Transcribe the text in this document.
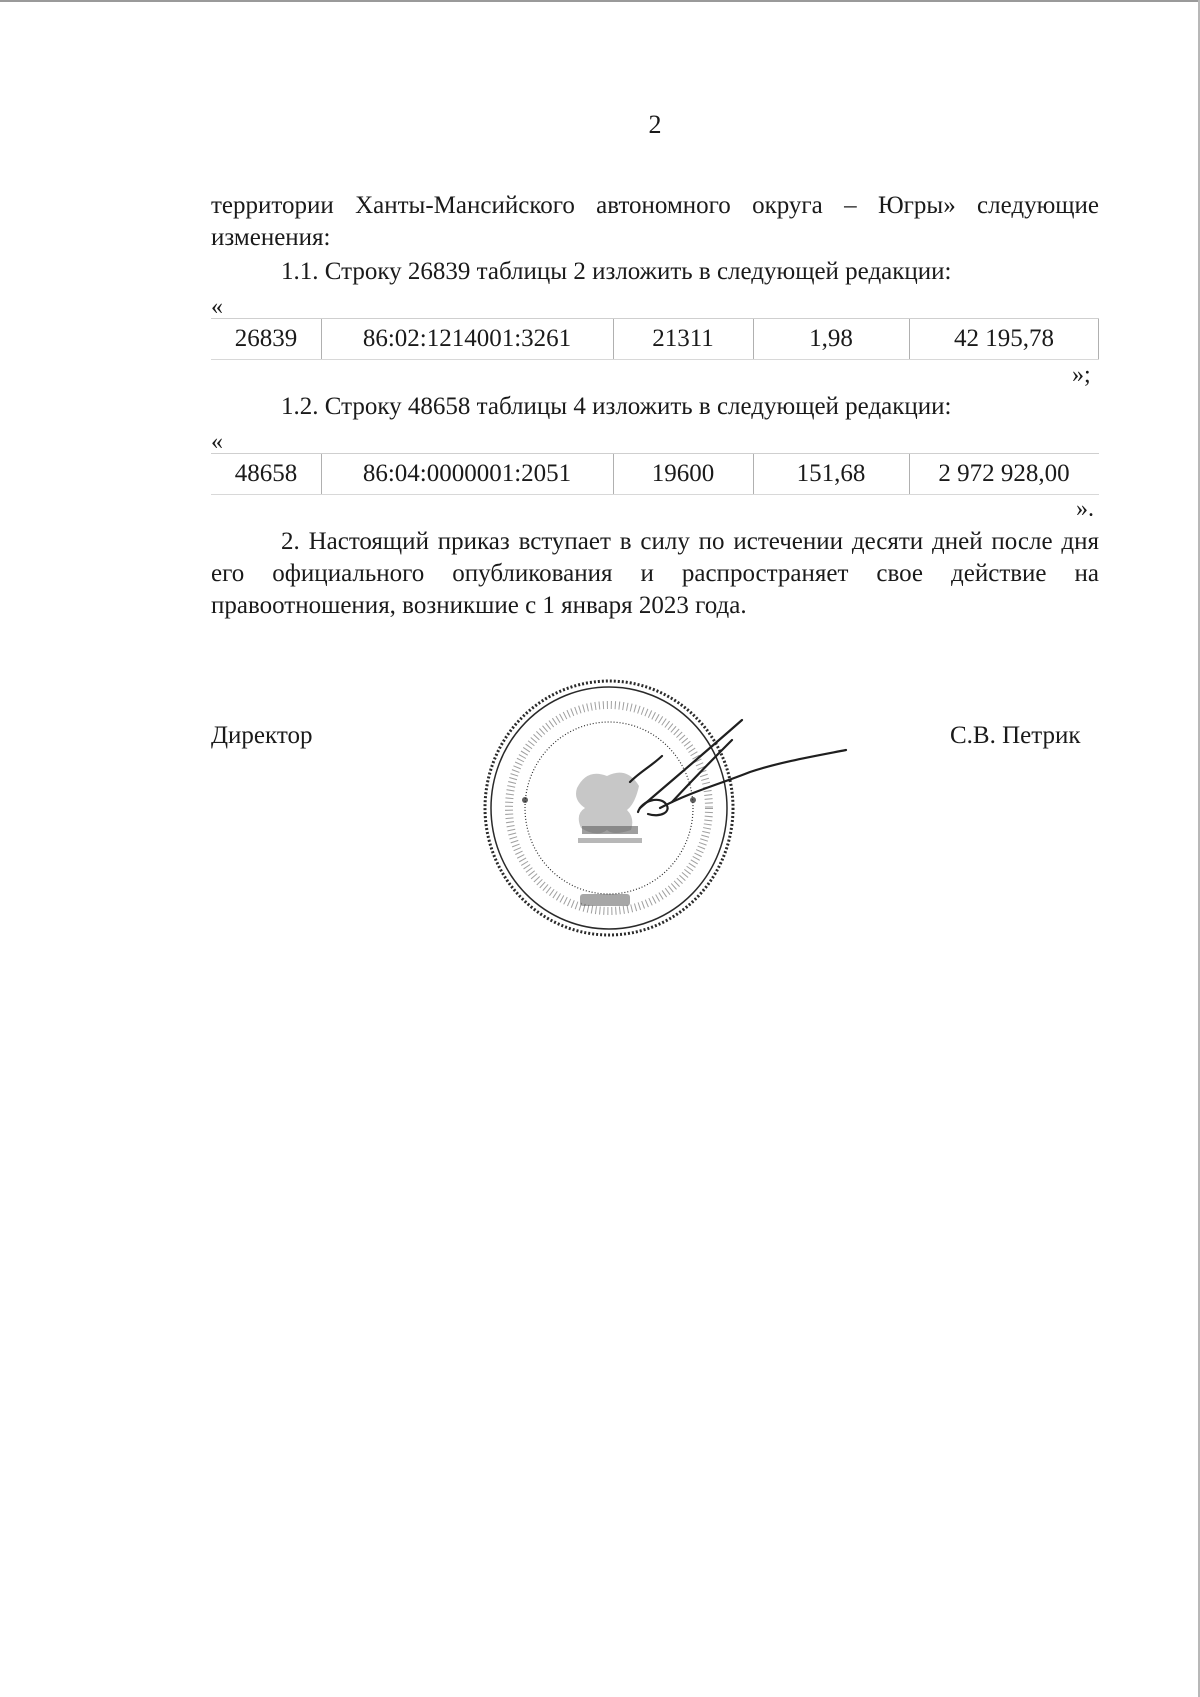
2

территории Ханты-Мансийского автономного округа – Югры» следующие изменения:

1.1. Строку 26839 таблицы 2 изложить в следующей редакции:

«
26839	86:02:1214001:3261	21311	1,98	42 195,78
»;

1.2. Строку 48658 таблицы 4 изложить в следующей редакции:

«
48658	86:04:0000001:2051	19600	151,68	2 972 928,00
».

2. Настоящий приказ вступает в силу по истечении десяти дней после дня его официального опубликования и распространяет свое действие на правоотношения, возникшие с 1 января 2023 года.

Директор	С.В. Петрик
